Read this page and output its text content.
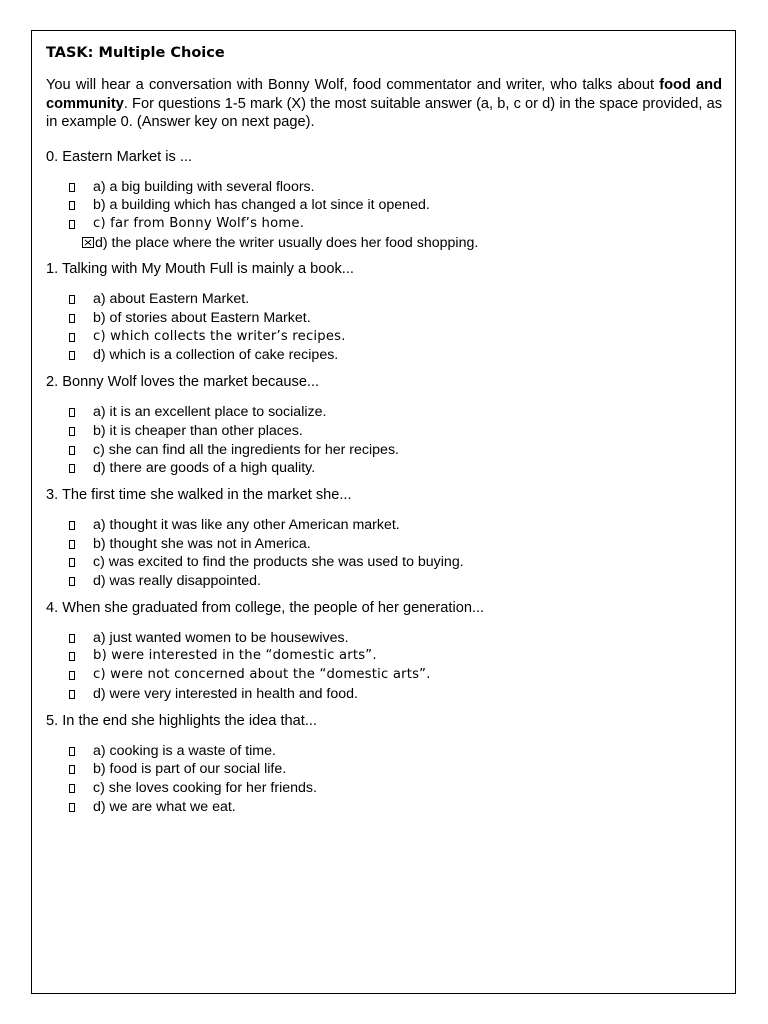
TASK: Multiple Choice

You will hear a conversation with Bonny Wolf, food commentator and writer, who talks about food and community. For questions 1-5 mark (X) the most suitable answer (a, b, c or d) in the space provided, as in example 0. (Answer key on next page).

0. Eastern Market is ...

a) a big building with several floors.
b) a building which has changed a lot since it opened.
c) far from Bonny Wolf’s home.
d) the place where the writer usually does her food shopping.

1. Talking with My Mouth Full is mainly a book...

a) about Eastern Market.
b) of stories about Eastern Market.
c) which collects the writer’s recipes.
d) which is a collection of cake recipes.

2. Bonny Wolf loves the market because...

a) it is an excellent place to socialize.
b) it is cheaper than other places.
c) she can find all the ingredients for her recipes.
d) there are goods of a high quality.

3. The first time she walked in the market she...

a) thought it was like any other American market.
b) thought she was not in America.
c) was excited to find the products she was used to buying.
d) was really disappointed.

4. When she graduated from college, the people of her generation...

a) just wanted women to be housewives.
b) were interested in the “domestic arts”.
c) were not concerned about the “domestic arts”.
d) were very interested in health and food.

5. In the end she highlights the idea that...

a) cooking is a waste of time.
b) food is part of our social life.
c) she loves cooking for her friends.
d) we are what we eat.
